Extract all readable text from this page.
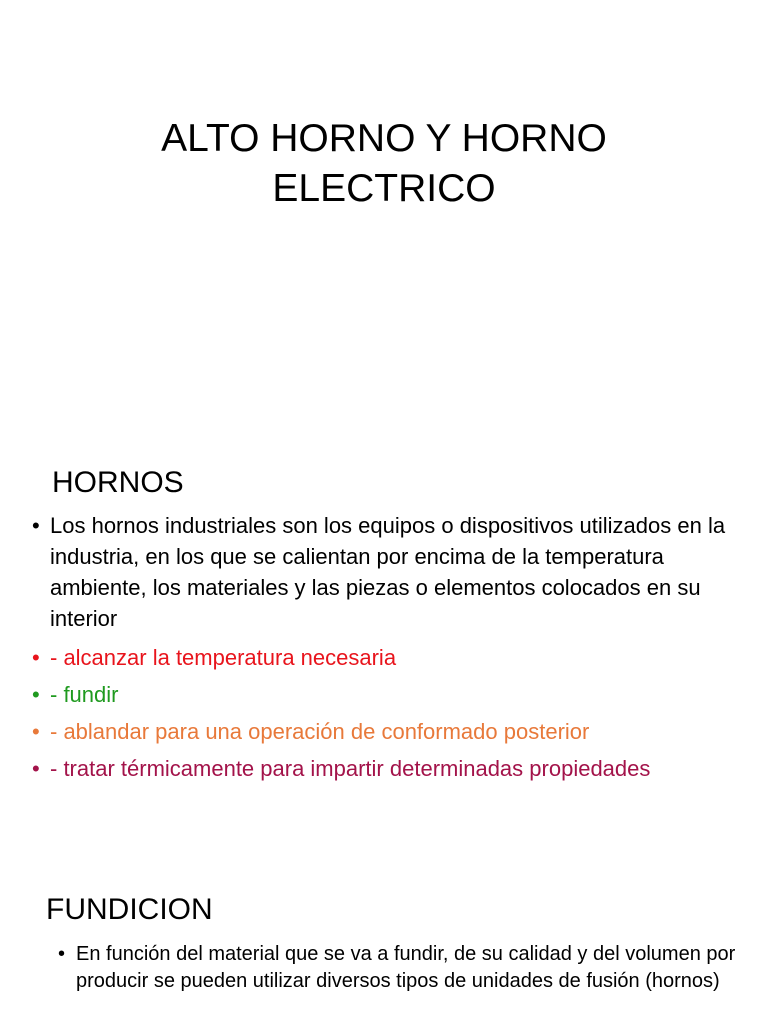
ALTO HORNO Y HORNO
ELECTRICO
HORNOS
• Los hornos industriales son los equipos o dispositivos utilizados en la industria, en los que se calientan por encima de la temperatura ambiente, los materiales y las piezas o elementos colocados en su interior
• - alcanzar la temperatura necesaria
• - fundir
• - ablandar para una operación de conformado posterior
• - tratar térmicamente para impartir determinadas propiedades
FUNDICION
• En función del material que se va a fundir, de su calidad y del volumen por producir se pueden utilizar diversos tipos de unidades de fusión (hornos)
